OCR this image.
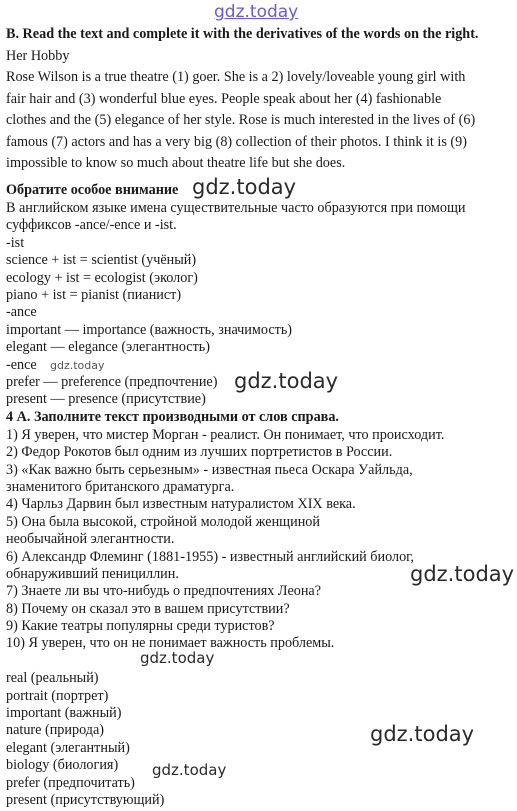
gdz.today
B. Read the text and complete it with the derivatives of the words on the right.
Her Hobby
Rose Wilson is a true theatre (1) goer. She is a 2) lovely/loveable young girl with
fair hair and (3) wonderful blue eyes. People speak about her (4) fashionable
clothes and the (5) elegance of her style. Rose is much interested in the lives of (6)
famous (7) actors and has a very big (8) collection of their photos. I think it is (9)
impossible to know so much about theatre life but she does.
Обратите особое внимание gdz.today
В английском языке имена существительные часто образуются при помощи
суффиксов -ance/-ence и -ist.
-ist
science + ist = scientist (учёный)
ecology + ist = ecologist (эколог)
piano + ist = pianist (пианист)
-ance
important — importance (важность, значимость)
elegant — elegance (элегантность)
-ence gdz.today
prefer — preference (предпочтение) gdz.today
present — presence (присутствие)
4 А. Заполните текст производными от слов справа.
1) Я уверен, что мистер Морган - реалист. Он понимает, что происходит.
2) Федор Рокотов был одним из лучших портретистов в России.
3) «Как важно быть серьезным» - известная пьеса Оскара Уайльда,
знаменитого британского драматурга.
4) Чарльз Дарвин был известным натуралистом XIX века.
5) Она была высокой, стройной молодой женщиной
необычайной элегантности.
6) Александр Флеминг (1881-1955) - известный английский биолог,
обнаруживший пенициллин.	gdz.today
7) Знаете ли вы что-нибудь о предпочтениях Леона?
8) Почему он сказал это в вашем присутствии?
9) Какие театры популярны среди туристов?
10) Я уверен, что он не понимает важность проблемы.
gdz.today
real (реальный)
portrait (портрет)
important (важный)
nature (природа)	gdz.today
elegant (элегантный)
biology (биология) gdz.today
prefer (предпочитать)
present (присутствующий)
